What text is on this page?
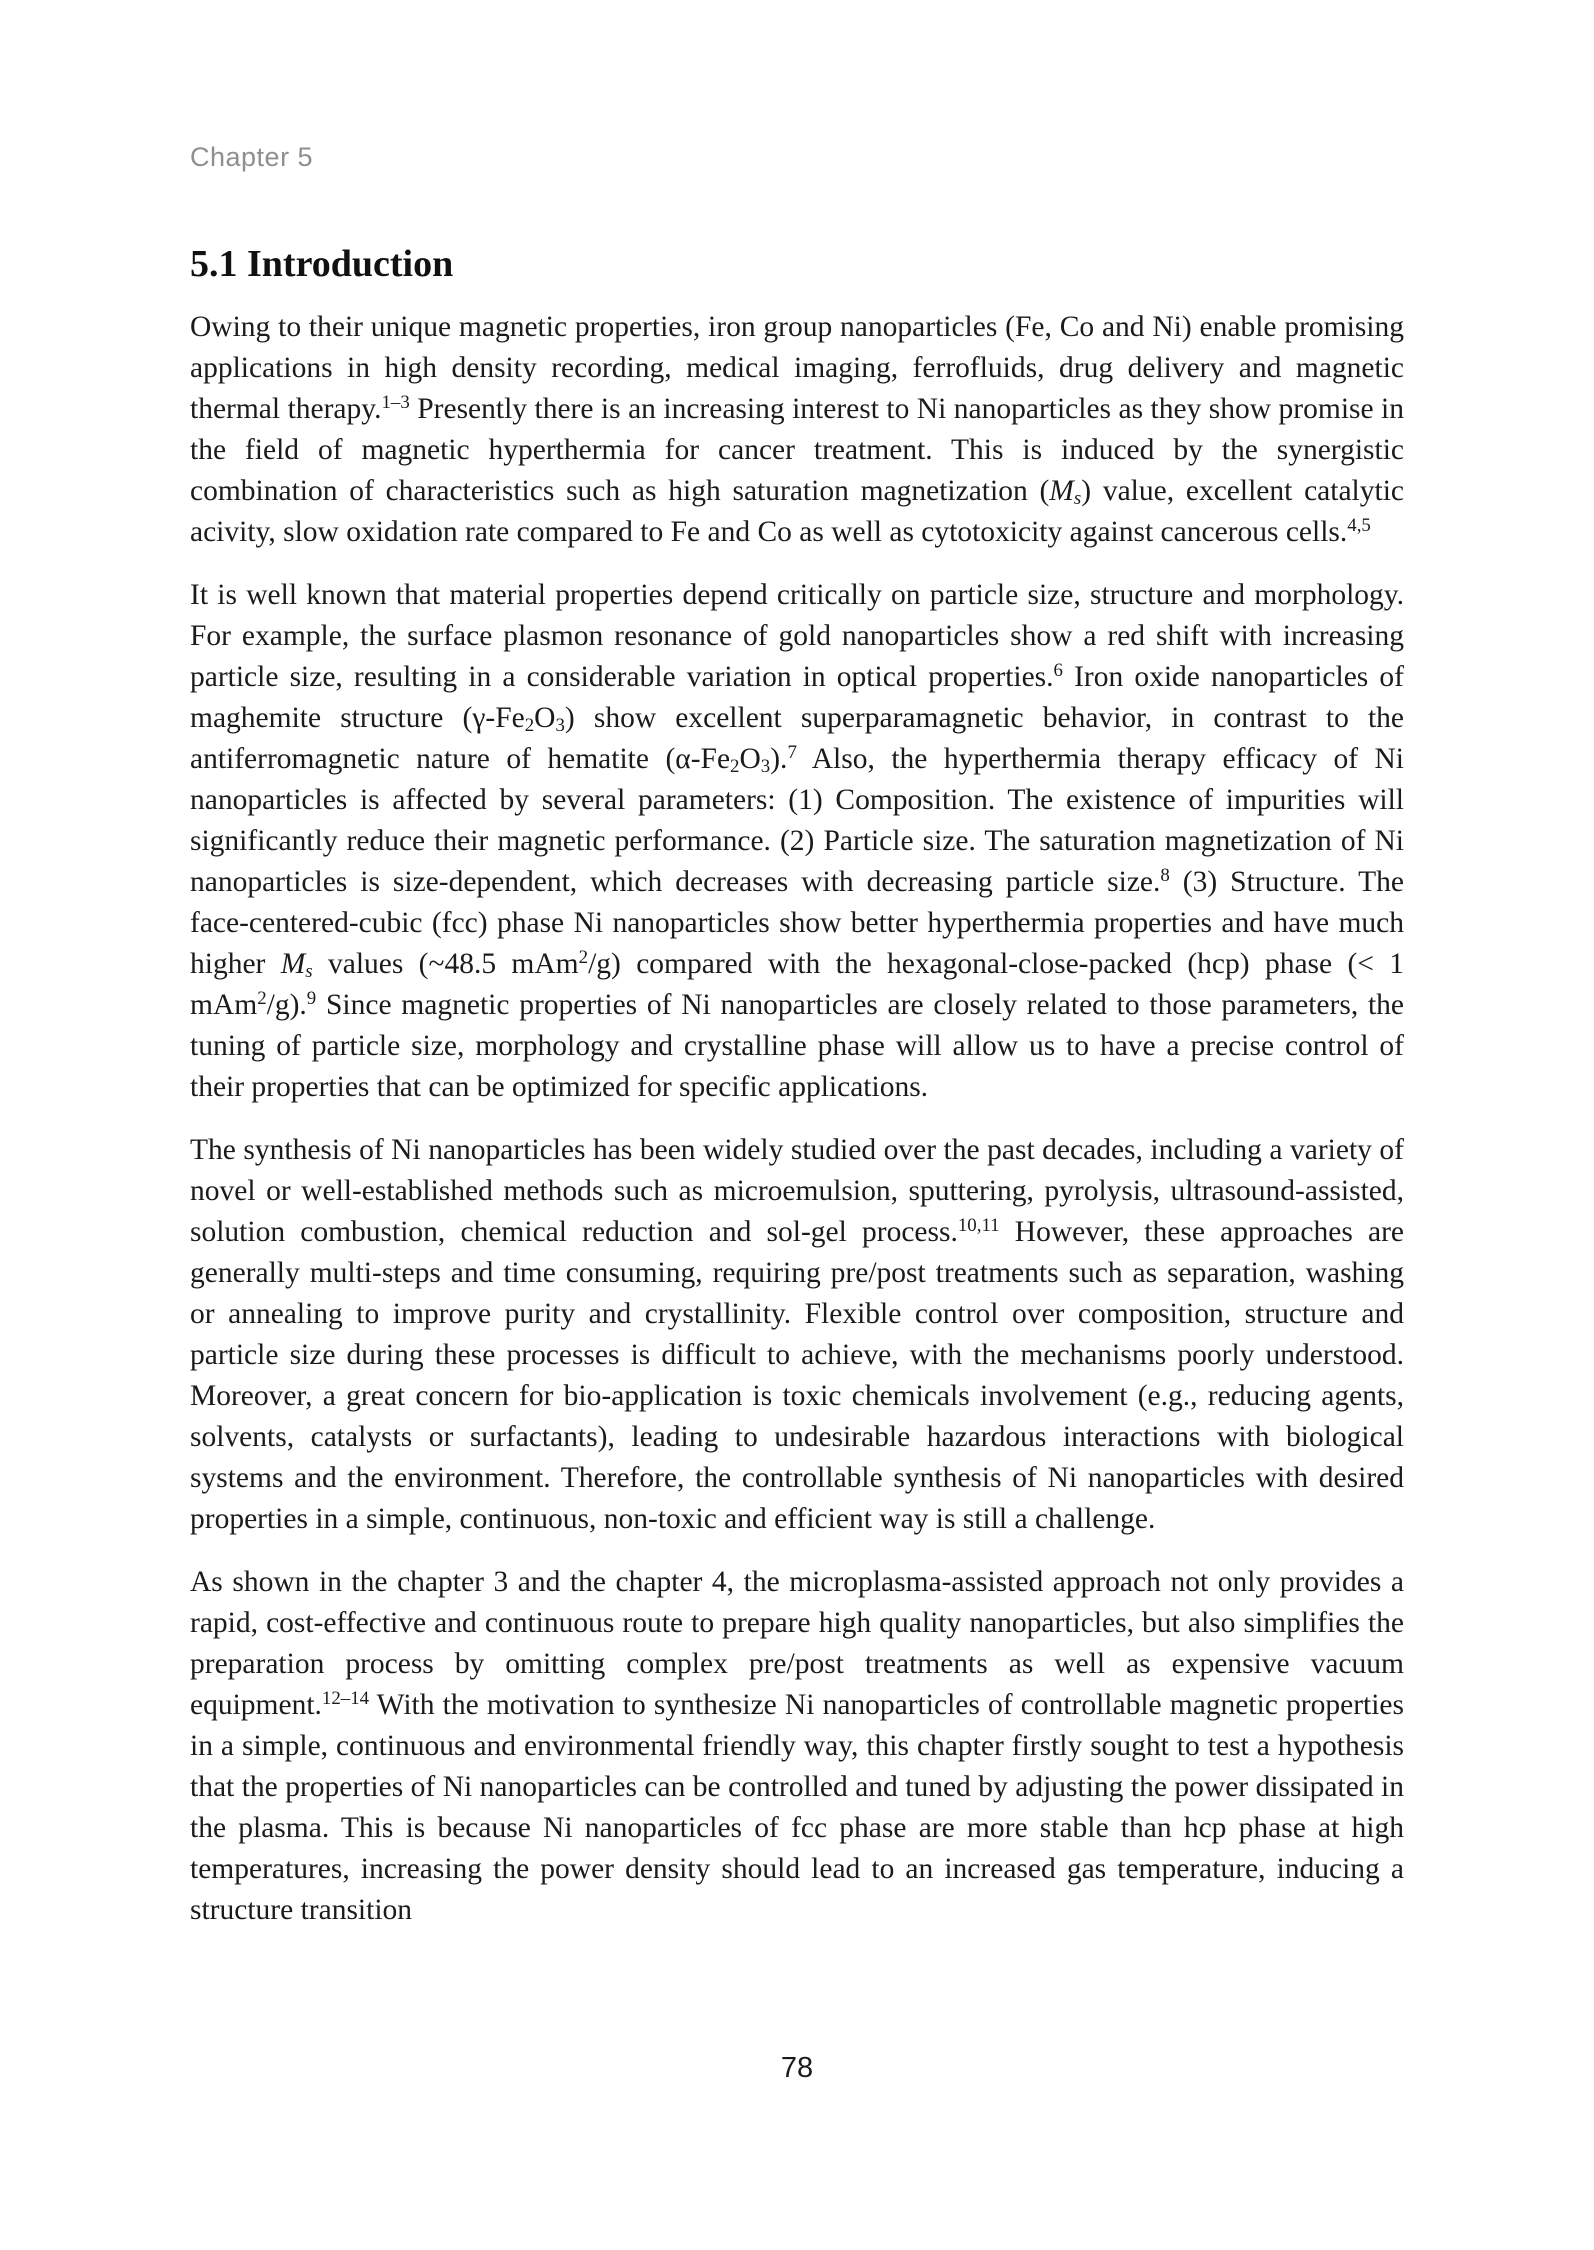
Chapter 5
5.1 Introduction

Owing to their unique magnetic properties, iron group nanoparticles (Fe, Co and Ni) enable promising applications in high density recording, medical imaging, ferrofluids, drug delivery and magnetic thermal therapy.$^{1-3}$ Presently there is an increasing interest to Ni nanoparticles as they show promise in the field of magnetic hyperthermia for cancer treatment. This is induced by the synergistic combination of characteristics such as high saturation magnetization (Ms) value, excellent catalytic acivity, slow oxidation rate compared to Fe and Co as well as cytotoxicity against cancerous cells.$^{4,5}$

It is well known that material properties depend critically on particle size, structure and morphology. For example, the surface plasmon resonance of gold nanoparticles show a red shift with increasing particle size, resulting in a considerable variation in optical properties.$^6$ Iron oxide nanoparticles of maghemite structure (γ-Fe2O3) show excellent superparamagnetic behavior, in contrast to the antiferromagnetic nature of hematite (α-Fe2O3).$^7$ Also, the hyperthermia therapy efficacy of Ni nanoparticles is affected by several parameters: (1) Composition. The existence of impurities will significantly reduce their magnetic performance. (2) Particle size. The saturation magnetization of Ni nanoparticles is size-dependent, which decreases with decreasing particle size.$^8$ (3) Structure. The face-centered-cubic (fcc) phase Ni nanoparticles show better hyperthermia properties and have much higher Ms values (~48.5 mAm$^2$/g) compared with the hexagonal-close-packed (hcp) phase (< 1 mAm$^2$/g).$^9$ Since magnetic properties of Ni nanoparticles are closely related to those parameters, the tuning of particle size, morphology and crystalline phase will allow us to have a precise control of their properties that can be optimized for specific applications.

The synthesis of Ni nanoparticles has been widely studied over the past decades, including a variety of novel or well-established methods such as microemulsion, sputtering, pyrolysis, ultrasound-assisted, solution combustion, chemical reduction and sol-gel process.$^{10,11}$ However, these approaches are generally multi-steps and time consuming, requiring pre/post treatments such as separation, washing or annealing to improve purity and crystallinity. Flexible control over composition, structure and particle size during these processes is difficult to achieve, with the mechanisms poorly understood. Moreover, a great concern for bio-application is toxic chemicals involvement (e.g., reducing agents, solvents, catalysts or surfactants), leading to undesirable hazardous interactions with biological systems and the environment. Therefore, the controllable synthesis of Ni nanoparticles with desired properties in a simple, continuous, non-toxic and efficient way is still a challenge.

As shown in the chapter 3 and the chapter 4, the microplasma-assisted approach not only provides a rapid, cost-effective and continuous route to prepare high quality nanoparticles, but also simplifies the preparation process by omitting complex pre/post treatments as well as expensive vacuum equipment.$^{12-14}$ With the motivation to synthesize Ni nanoparticles of controllable magnetic properties in a simple, continuous and environmental friendly way, this chapter firstly sought to test a hypothesis that the properties of Ni nanoparticles can be controlled and tuned by adjusting the power dissipated in the plasma. This is because Ni nanoparticles of fcc phase are more stable than hcp phase at high temperatures, increasing the power density should lead to an increased gas temperature, inducing a structure transition

78
